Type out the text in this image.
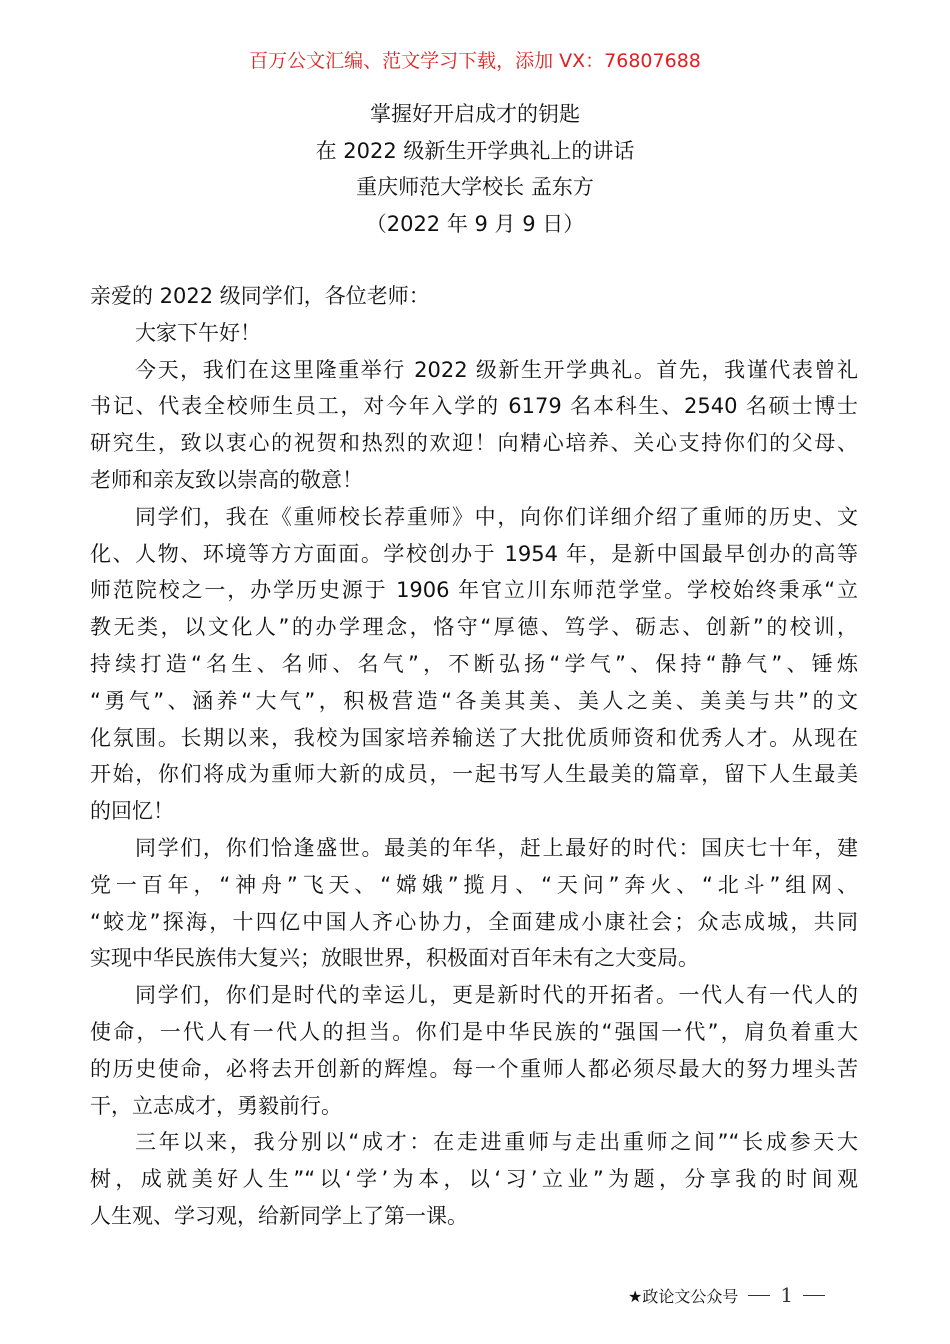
百万公文汇编、范文学习下载，添加 VX：76807688
掌握好开启成才的钥匙
在 2022 级新生开学典礼上的讲话
重庆师范大学校长 孟东方
（2022 年 9 月 9 日）
亲爱的 2022 级同学们，各位老师：
大家下午好！
今天，我们在这里隆重举行 2022 级新生开学典礼。首先，我谨代表曾礼
书记、代表全校师生员工，对今年入学的 6179 名本科生、2540 名硕士博士
研究生，致以衷心的祝贺和热烈的欢迎！向精心培养、关心支持你们的父母、
老师和亲友致以崇高的敬意！
同学们，我在《重师校长荐重师》中，向你们详细介绍了重师的历史、文
化、人物、环境等方方面面。学校创办于 1954 年，是新中国最早创办的高等
师范院校之一，办学历史源于 1906 年官立川东师范学堂。学校始终秉承“立
教无类，以文化人”的办学理念，恪守“厚德、笃学、砺志、创新”的校训，
持续打造“名生、名师、名气”，不断弘扬“学气”、保持“静气”、锤炼
“勇气”、涵养“大气”，积极营造“各美其美、美人之美、美美与共”的文
化氛围。长期以来，我校为国家培养输送了大批优质师资和优秀人才。从现在
开始，你们将成为重师大新的成员，一起书写人生最美的篇章，留下人生最美
的回忆！
同学们，你们恰逢盛世。最美的年华，赶上最好的时代：国庆七十年，建
党一百年，“神舟”飞天、“嫦娥”揽月、“天问”奔火、“北斗”组网、
“蛟龙”探海，十四亿中国人齐心协力，全面建成小康社会；众志成城，共同
实现中华民族伟大复兴；放眼世界，积极面对百年未有之大变局。
同学们，你们是时代的幸运儿，更是新时代的开拓者。一代人有一代人的
使命，一代人有一代人的担当。你们是中华民族的“强国一代”，肩负着重大
的历史使命，必将去开创新的辉煌。每一个重师人都必须尽最大的努力埋头苦
干，立志成才，勇毅前行。
三年以来，我分别以“成才：在走进重师与走出重师之间”“长成参天大
树，成就美好人生”“以‘学’为本，以‘习’立业”为题，分享我的时间观
人生观、学习观，给新同学上了第一课。
★政论文公众号 1
